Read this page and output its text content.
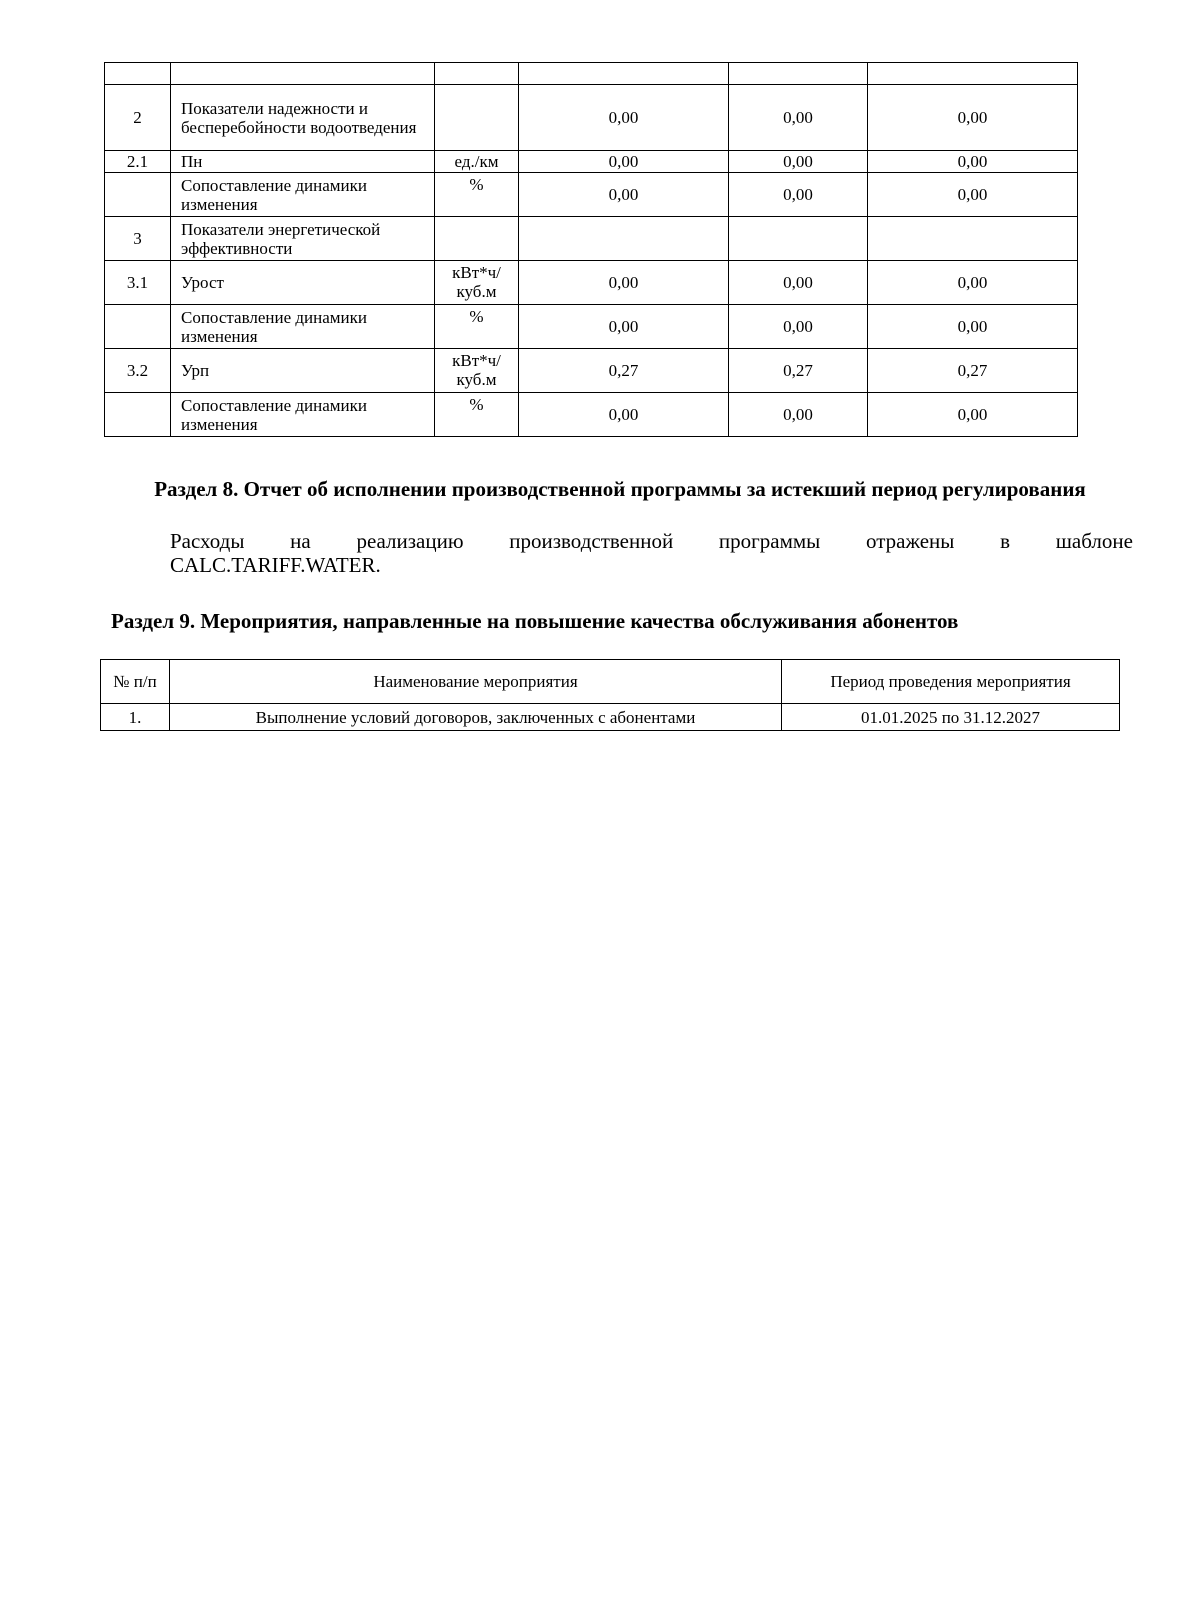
2	Показатели надежности и бесперебойности водоотведения		0,00	0,00	0,00
2.1	Пн	ед./км	0,00	0,00	0,00
	Сопоставление динамики изменения	%	0,00	0,00	0,00
3	Показатели энергетической эффективности				
3.1	Урост	кВт*ч/ куб.м	0,00	0,00	0,00
	Сопоставление динамики изменения	%	0,00	0,00	0,00
3.2	Урп	кВт*ч/ куб.м	0,27	0,27	0,27
	Сопоставление динамики изменения	%	0,00	0,00	0,00
Раздел 8. Отчет об исполнении производственной программы за истекший период регулирования
Расходы на реализацию производственной программы отражены в шаблоне
CALC.TARIFF.WATER.
Раздел 9. Мероприятия, направленные на повышение качества обслуживания абонентов
№ п/п	Наименование мероприятия	Период проведения мероприятия
1.	Выполнение условий договоров, заключенных с абонентами	01.01.2025 по 31.12.2027
